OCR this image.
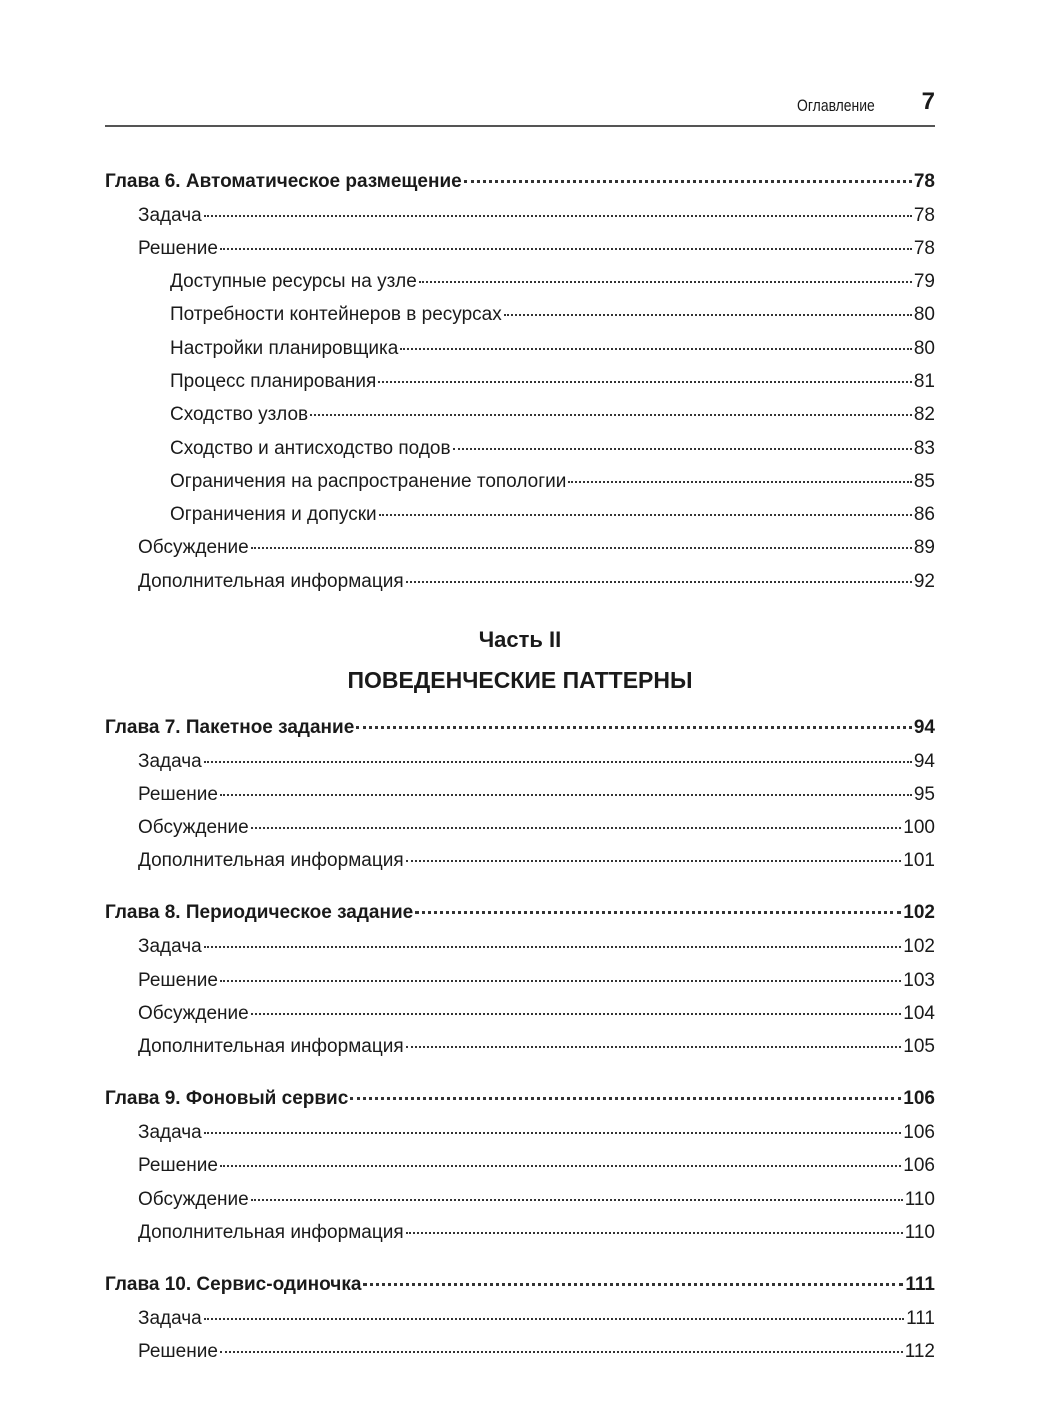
Оглавление 7
Глава 6. Автоматическое размещение	78
Задача	78
Решение	78
Доступные ресурсы на узле	79
Потребности контейнеров в ресурсах	80
Настройки планировщика	80
Процесс планирования	81
Сходство узлов	82
Сходство и антисходство подов	83
Ограничения на распространение топологии	85
Ограничения и допуски	86
Обсуждение	89
Дополнительная информация	92
Часть II
ПОВЕДЕНЧЕСКИЕ ПАТТЕРНЫ
Глава 7. Пакетное задание	94
Задача	94
Решение	95
Обсуждение	100
Дополнительная информация	101
Глава 8. Периодическое задание	102
Задача	102
Решение	103
Обсуждение	104
Дополнительная информация	105
Глава 9. Фоновый сервис	106
Задача	106
Решение	106
Обсуждение	110
Дополнительная информация	110
Глава 10. Сервис-одиночка	111
Задача	111
Решение	112
